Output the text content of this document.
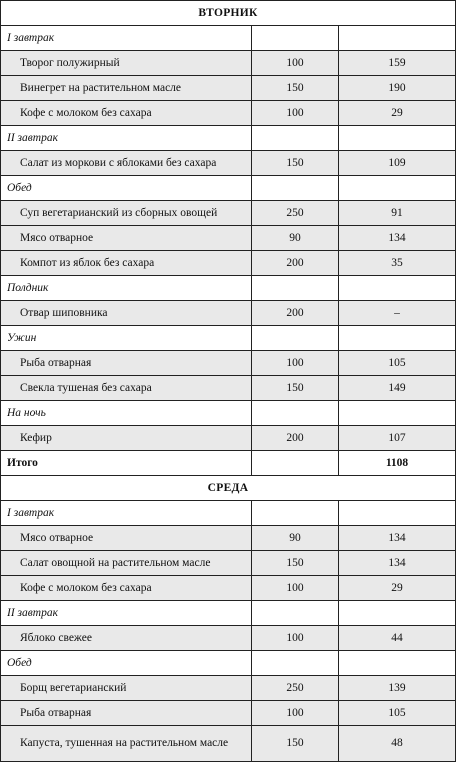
ВТОРНИК		
I завтрак		
Творог полужирный	100	159
Винегрет на растительном масле	150	190
Кофе с молоком без сахара	100	29
II завтрак		
Салат из моркови с яблоками без сахара	150	109
Обед		
Суп вегетарианский из сборных овощей	250	91
Мясо отварное	90	134
Компот из яблок без сахара	200	35
Полдник		
Отвар шиповника	200	–
Ужин		
Рыба отварная	100	105
Свекла тушеная без сахара	150	149
На ночь		
Кефир	200	107
Итого		1108
СРЕДА		
I завтрак		
Мясо отварное	90	134
Салат овощной на растительном масле	150	134
Кофе с молоком без сахара	100	29
II завтрак		
Яблоко свежее	100	44
Обед		
Борщ вегетарианский	250	139
Рыба отварная	100	105
Капуста, тушенная на растительном масле	150	48
